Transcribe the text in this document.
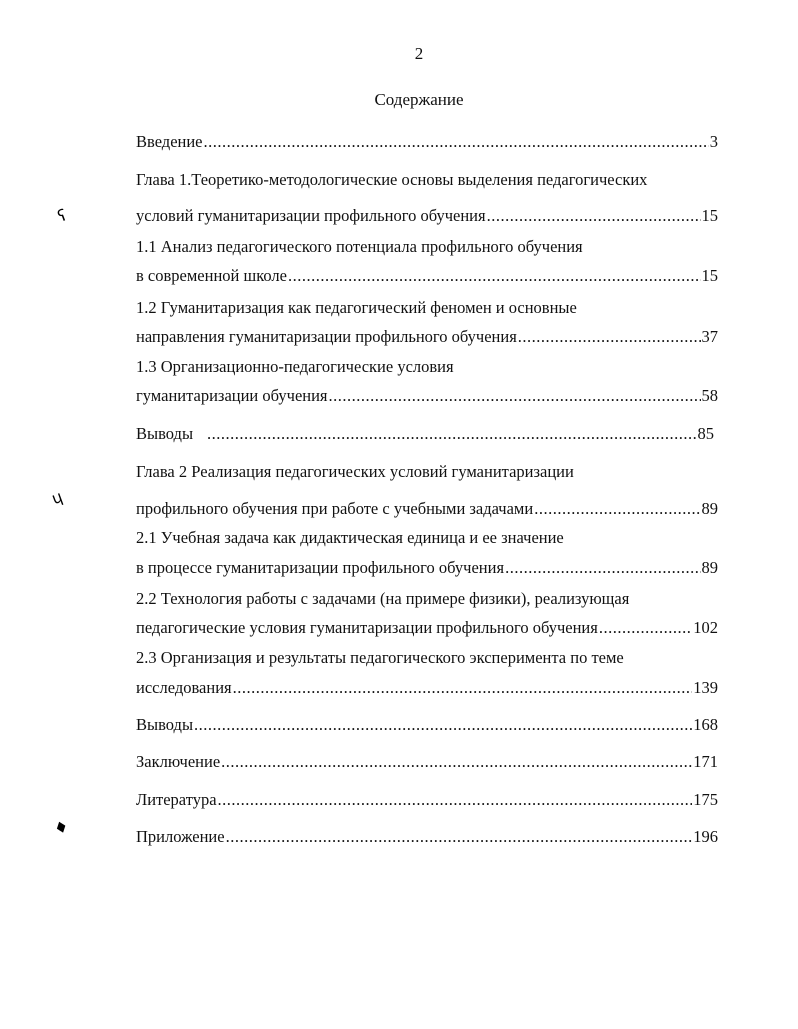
2
Содержание
ʕ
ɥ
♦
Введение .....	3
Глава 1.Теоретико-методологические основы выделения педагогических
условий гуманитаризации профильного обучения .....	15
1.1 Анализ педагогического потенциала профильного обучения
в современной школе .....	15
1.2 Гуманитаризация как педагогический феномен и основные
направления гуманитаризации профильного обучения .....	37
1.3 Организационно-педагогические условия
гуманитаризации обучения .....	58
Выводы .....	85
Глава 2 Реализация педагогических условий гуманитаризации
профильного обучения при работе с учебными задачами .....	89
2.1 Учебная задача как дидактическая единица и ее значение
в процессе гуманитаризации профильного обучения .....	89
2.2 Технология работы с задачами (на примере физики), реализующая
педагогические условия гуманитаризации профильного обучения .....	102
2.3 Организация и результаты педагогического эксперимента по теме
исследования .....	139
Выводы .....	168
Заключение .....	171
Литература .....	175
Приложение .....	196
